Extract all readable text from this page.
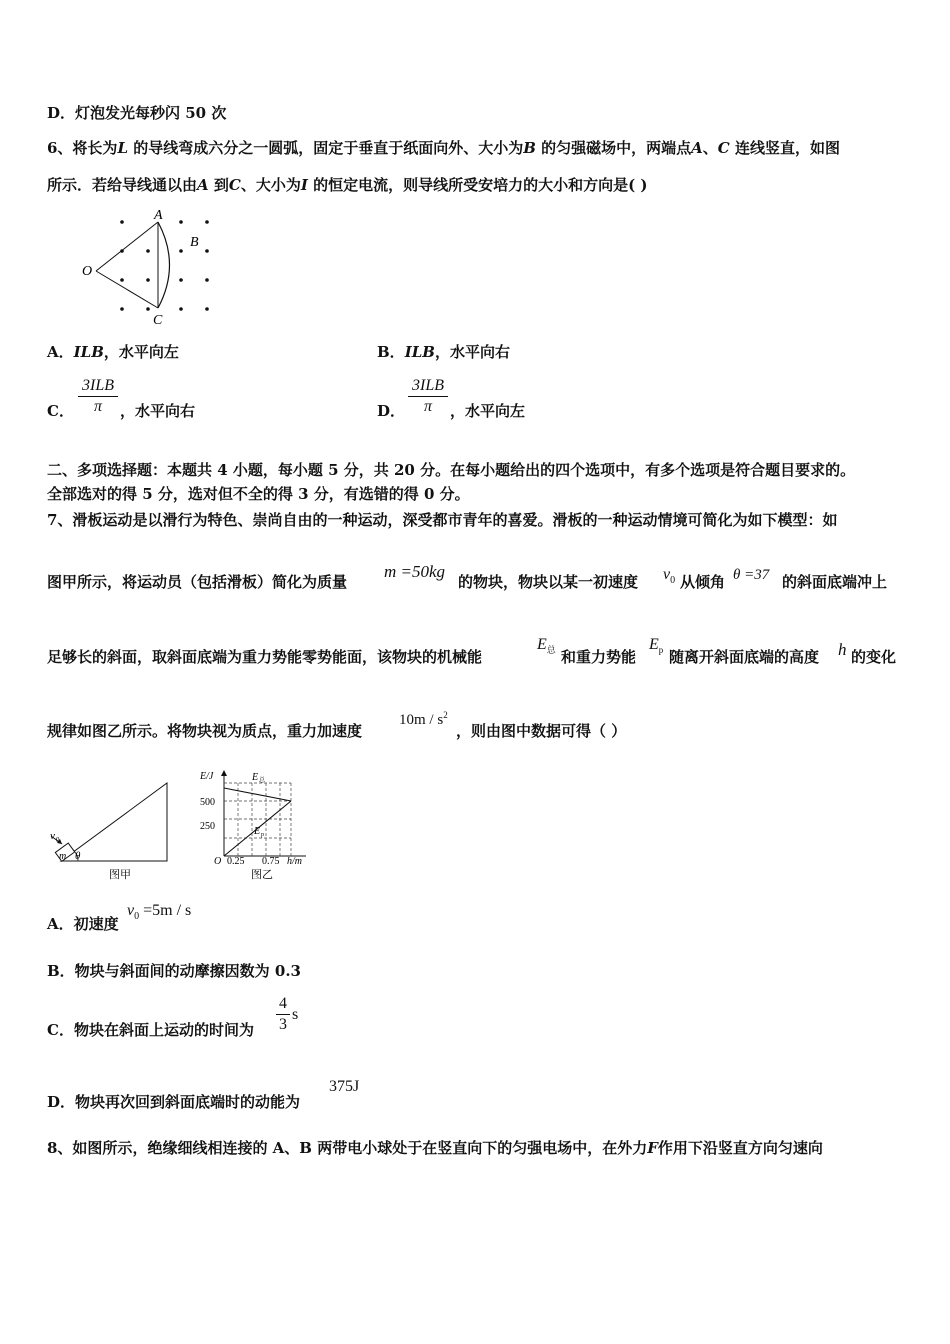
D．灯泡发光每秒闪 50 次
6、将长为L 的导线弯成六分之一圆弧，固定于垂直于纸面向外、大小为B 的匀强磁场中，两端点A、C 连线竖直，如图
所示．若给导线通以由A 到C、大小为I 的恒定电流，则导线所受安培力的大小和方向是( )
A
B
C
O
A．ILB，水平向左	B．ILB，水平向右
C．
3ILB
π	，水平向右	D．
3ILB
π	，水平向左
二、多项选择题：本题共 4 小题，每小题 5 分，共 20 分。在每小题给出的四个选项中，有多个选项是符合题目要求的。
全部选对的得 5 分，选对但不全的得 3 分，有选错的得 0 分。
7、滑板运动是以滑行为特色、崇尚自由的一种运动，深受都市青年的喜爱。滑板的一种运动情境可简化为如下模型：如
图甲所示，将运动员（包括滑板）简化为质量
m =50kg
的物块，物块以某一初速度 $v_0$ 从倾角 θ =37 的斜面底端冲上
足够长的斜面，取斜面底端为重力势能零势能面，该物块的机械能
$E_总$ 和重力势能
$E_p$ 随离开斜面底端的高度 h 的变化
规律如图乙所示。将物块视为质点，重力加速度
$10m / s^2$
，则由图中数据可得（ ）
v 0
m θ
图甲
E/J
500
250
O 0.25 0.75 h/m
E 总
E p
图乙
A．初速度
$v_0 =5m / s$
B．物块与斜面间的动摩擦因数为 0.3
C．物块在斜面上运动的时间为
4
3
s
D．物块再次回到斜面底端时的动能为
375J
8、如图所示，绝缘细线相连接的 A、B 两带电小球处于在竖直向下的匀强电场中，在外力F作用下沿竖直方向匀速向
